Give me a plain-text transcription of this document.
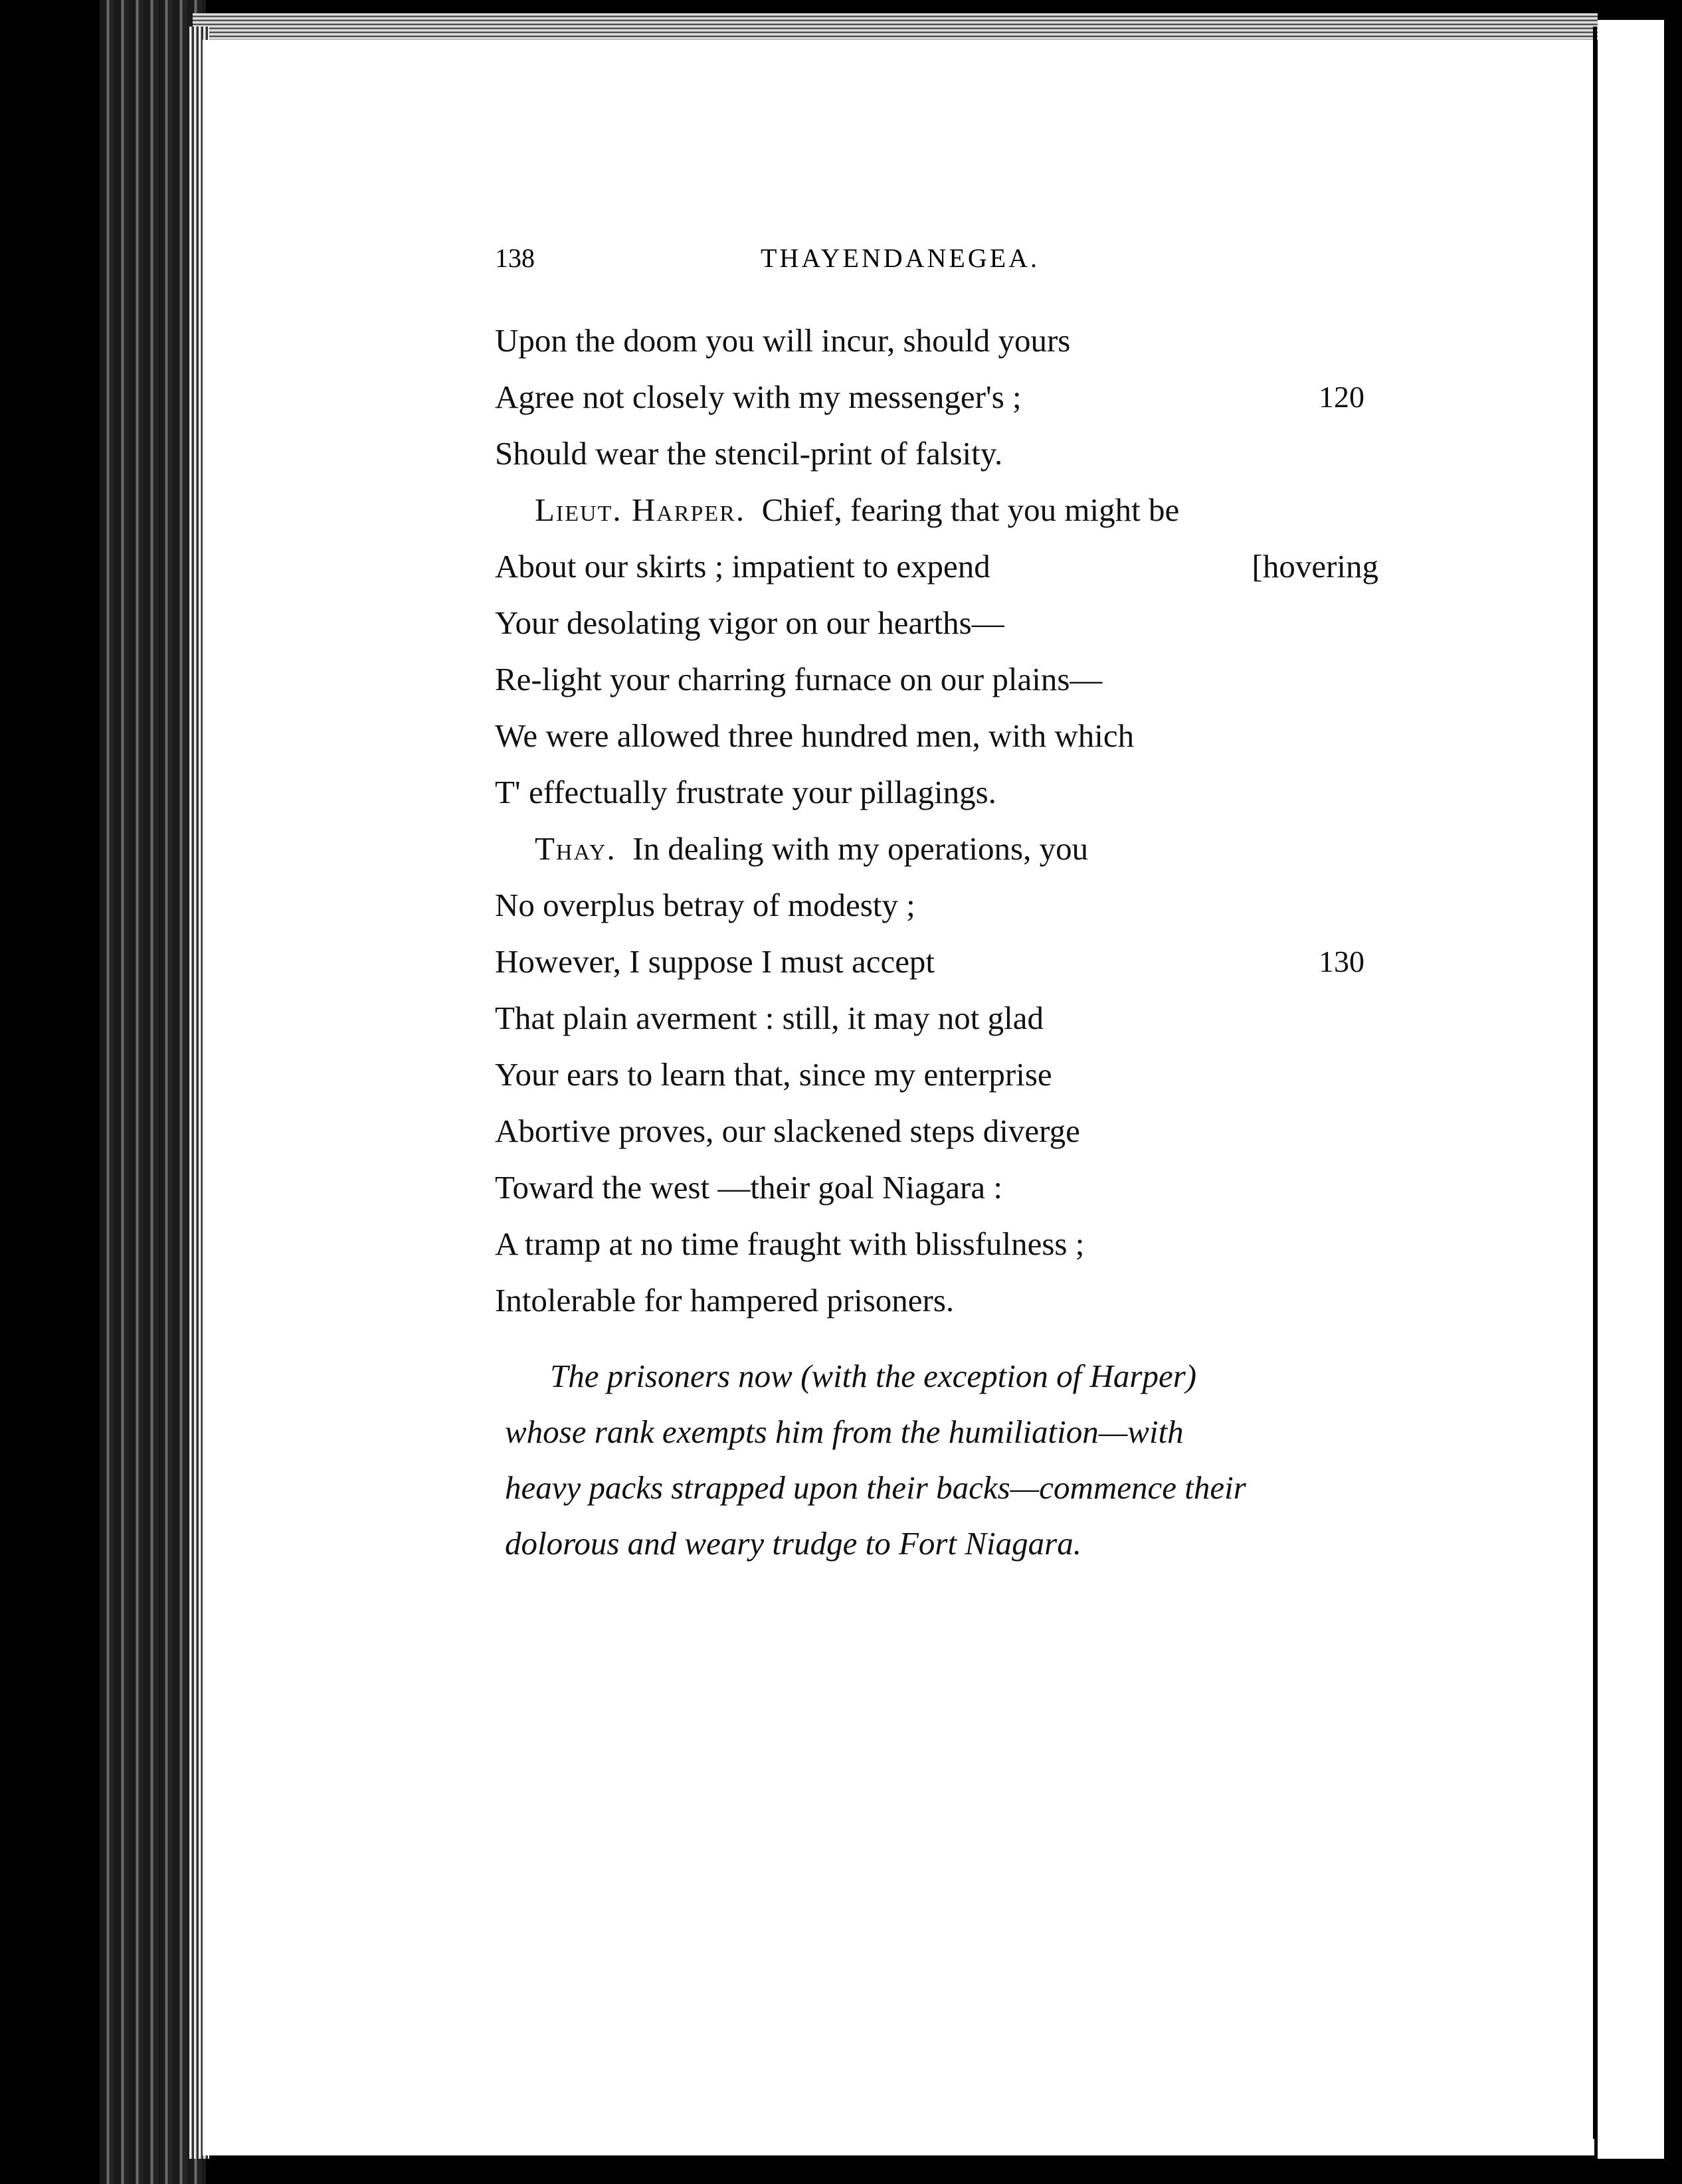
138	THAYENDANEGEA.
Upon the doom you will incur, should yours
Agree not closely with my messenger's ;	120
Should wear the stencil-print of falsity.
Lieut. Harper. Chief, fearing that you might be
About our skirts ; impatient to expend	[hovering
Your desolating vigor on our hearths—
Re-light your charring furnace on our plains—
We were allowed three hundred men, with which
T' effectually frustrate your pillagings.
Thay. In dealing with my operations, you
No overplus betray of modesty ;
However, I suppose I must accept	130
That plain averment : still, it may not glad
Your ears to learn that, since my enterprise
Abortive proves, our slackened steps diverge
Toward the west —their goal Niagara :
A tramp at no time fraught with blissfulness ;
Intolerable for hampered prisoners.
The prisoners now (with the exception of Harper)
whose rank exempts him from the humiliation—with
heavy packs strapped upon their backs—commence their
dolorous and weary trudge to Fort Niagara.
